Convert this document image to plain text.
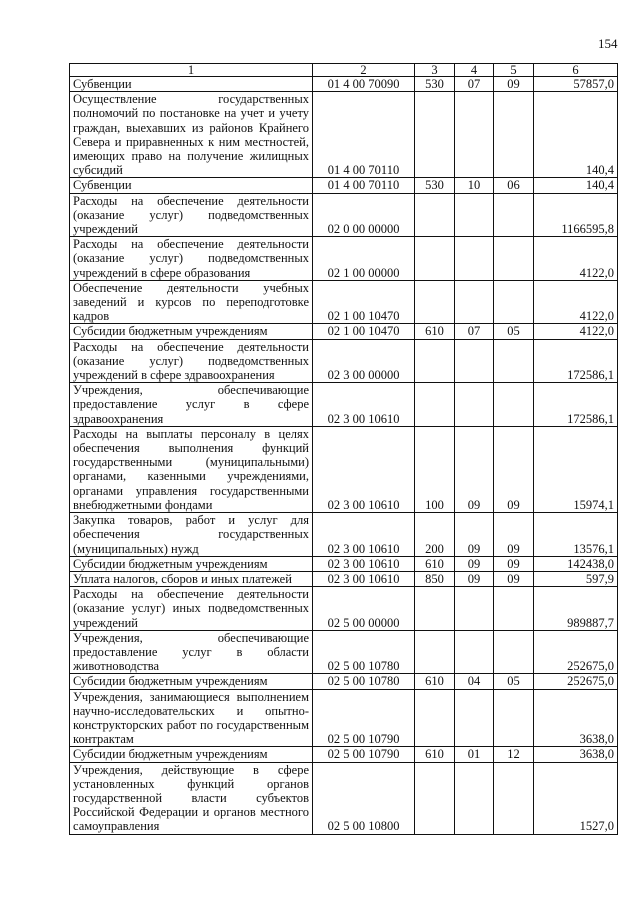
154
1	2	3	4	5	6
Субвенции	01 4 00 70090	530	07	09	57857,0
Осуществление государственных полномочий по постановке на учет и учету граждан, выехавших из районов Крайнего Севера и приравненных к ним местностей, имеющих право на получение жилищных субсидий	01 4 00 70110				140,4
Субвенции	01 4 00 70110	530	10	06	140,4
Расходы на обеспечение деятельности (оказание услуг) подведомственных учреждений	02 0 00 00000				1166595,8
Расходы на обеспечение деятельности (оказание услуг) подведомственных учреждений в сфере образования	02 1 00 00000				4122,0
Обеспечение деятельности учебных заведений и курсов по переподготовке кадров	02 1 00 10470				4122,0
Субсидии бюджетным учреждениям	02 1 00 10470	610	07	05	4122,0
Расходы на обеспечение деятельности (оказание услуг) подведомственных учреждений в сфере здравоохранения	02 3 00 00000				172586,1
Учреждения, обеспечивающие предоставление услуг в сфере здравоохранения	02 3 00 10610				172586,1
Расходы на выплаты персоналу в целях обеспечения выполнения функций государственными (муниципальными) органами, казенными учреждениями, органами управления государственными внебюджетными фондами	02 3 00 10610	100	09	09	15974,1
Закупка товаров, работ и услуг для обеспечения государственных (муниципальных) нужд	02 3 00 10610	200	09	09	13576,1
Субсидии бюджетным учреждениям	02 3 00 10610	610	09	09	142438,0
Уплата налогов, сборов и иных платежей	02 3 00 10610	850	09	09	597,9
Расходы на обеспечение деятельности (оказание услуг) иных подведомственных учреждений	02 5 00 00000				989887,7
Учреждения, обеспечивающие предоставление услуг в области животноводства	02 5 00 10780				252675,0
Субсидии бюджетным учреждениям	02 5 00 10780	610	04	05	252675,0
Учреждения, занимающиеся выполнением научно-исследовательских и опытно-конструкторских работ по государственным контрактам	02 5 00 10790				3638,0
Субсидии бюджетным учреждениям	02 5 00 10790	610	01	12	3638,0
Учреждения, действующие в сфере установленных функций органов государственной власти субъектов Российской Федерации и органов местного самоуправления	02 5 00 10800				1527,0
